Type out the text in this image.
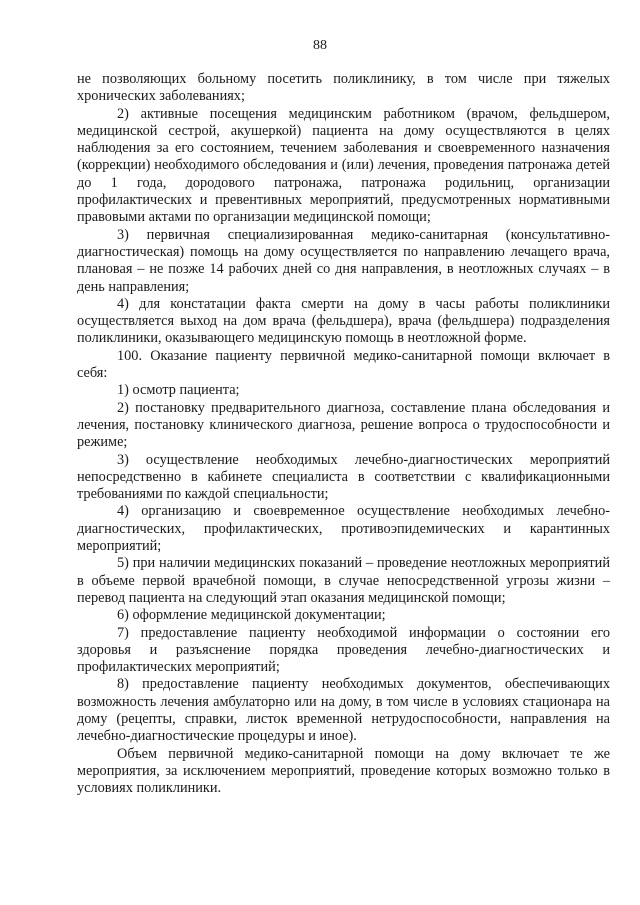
88

не позволяющих больному посетить поликлинику, в том числе при тяжелых хронических заболеваниях;

2) активные посещения медицинским работником (врачом, фельдшером, медицинской сестрой, акушеркой) пациента на дому осуществляются в целях наблюдения за его состоянием, течением заболевания и своевременного назначения (коррекции) необходимого обследования и (или) лечения, проведения патронажа детей до 1 года, дородового патронажа, патронажа родильниц, организации профилактических и превентивных мероприятий, предусмотренных нормативными правовыми актами по организации медицинской помощи;

3) первичная специализированная медико-санитарная (консультативно-диагностическая) помощь на дому осуществляется по направлению лечащего врача, плановая – не позже 14 рабочих дней со дня направления, в неотложных случаях – в день направления;

4) для констатации факта смерти на дому в часы работы поликлиники осуществляется выход на дом врача (фельдшера), врача (фельдшера) подразделения поликлиники, оказывающего медицинскую помощь в неотложной форме.

100. Оказание пациенту первичной медико-санитарной помощи включает в себя:

1) осмотр пациента;

2) постановку предварительного диагноза, составление плана обследования и лечения, постановку клинического диагноза, решение вопроса о трудоспособности и режиме;

3) осуществление необходимых лечебно-диагностических мероприятий непосредственно в кабинете специалиста в соответствии с квалификационными требованиями по каждой специальности;

4) организацию и своевременное осуществление необходимых лечебно-диагностических, профилактических, противоэпидемических и карантинных мероприятий;

5) при наличии медицинских показаний – проведение неотложных мероприятий в объеме первой врачебной помощи, в случае непосредственной угрозы жизни – перевод пациента на следующий этап оказания медицинской помощи;

6) оформление медицинской документации;

7) предоставление пациенту необходимой информации о состоянии его здоровья и разъяснение порядка проведения лечебно-диагностических и профилактических мероприятий;

8) предоставление пациенту необходимых документов, обеспечивающих возможность лечения амбулаторно или на дому, в том числе в условиях стационара на дому (рецепты, справки, листок временной нетрудоспособности, направления на лечебно-диагностические процедуры и иное).

Объем первичной медико-санитарной помощи на дому включает те же мероприятия, за исключением мероприятий, проведение которых возможно только в условиях поликлиники.
